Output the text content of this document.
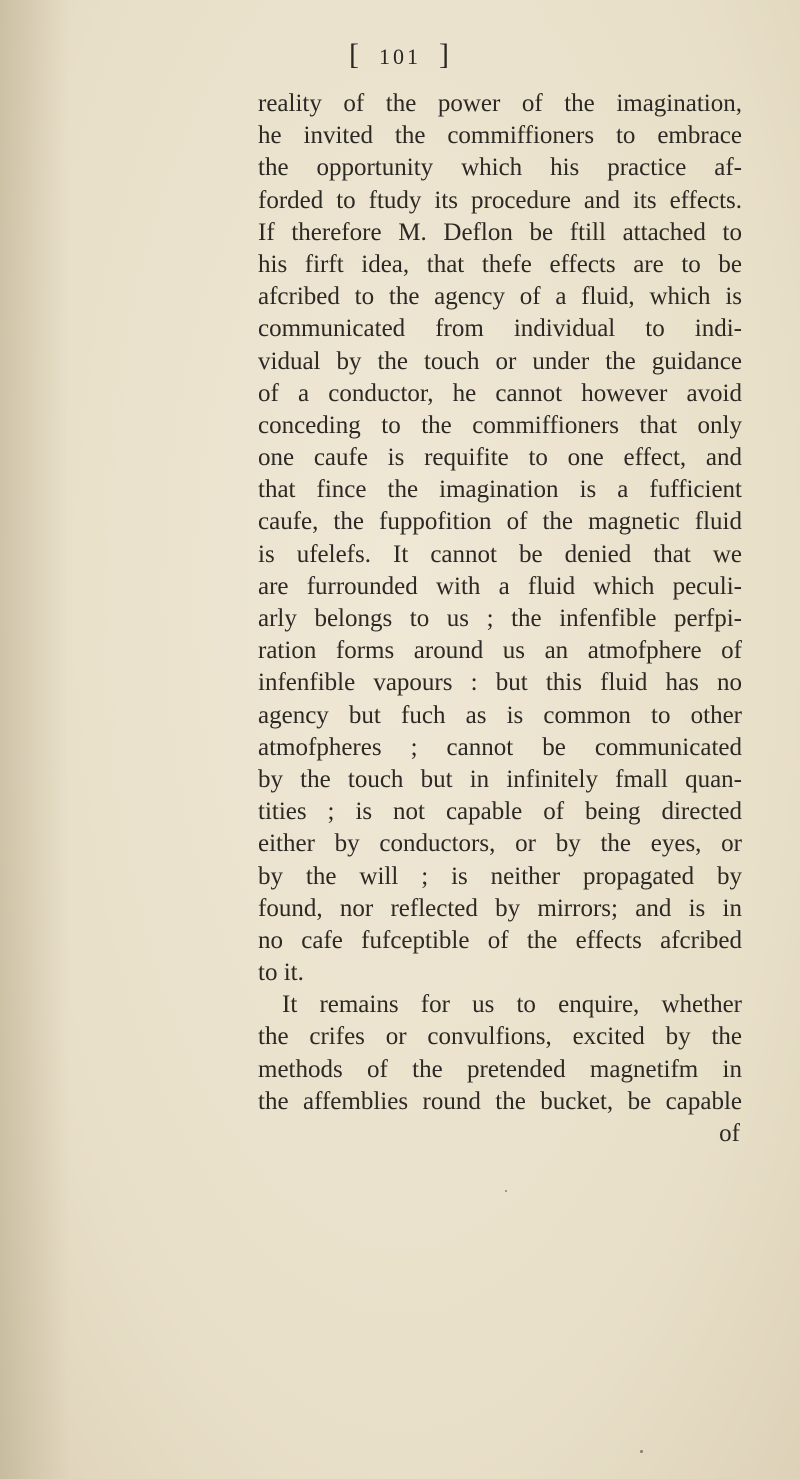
[ 101 ]
reality of the power of the imagination,
he invited the commiffioners to embrace
the opportunity which his practice af-
forded to ftudy its procedure and its effects.
If therefore M. Deflon be ftill attached to
his firft idea, that thefe effects are to be
afcribed to the agency of a fluid, which is
communicated from individual to indi-
vidual by the touch or under the guidance
of a conductor, he cannot however avoid
conceding to the commiffioners that only
one caufe is requifite to one effect, and
that fince the imagination is a fufficient
caufe, the fuppofition of the magnetic fluid
is ufelefs. It cannot be denied that we
are furrounded with a fluid which peculi-
arly belongs to us ; the infenfible perfpi-
ration forms around us an atmofphere of
infenfible vapours : but this fluid has no
agency but fuch as is common to other
atmofpheres ; cannot be communicated
by the touch but in infinitely fmall quan-
tities ; is not capable of being directed
either by conductors, or by the eyes, or
by the will ; is neither propagated by
found, nor reflected by mirrors; and is in
no cafe fufceptible of the effects afcribed
to it.
It remains for us to enquire, whether
the crifes or convulfions, excited by the
methods of the pretended magnetifm in
the affemblies round the bucket, be capable
of
